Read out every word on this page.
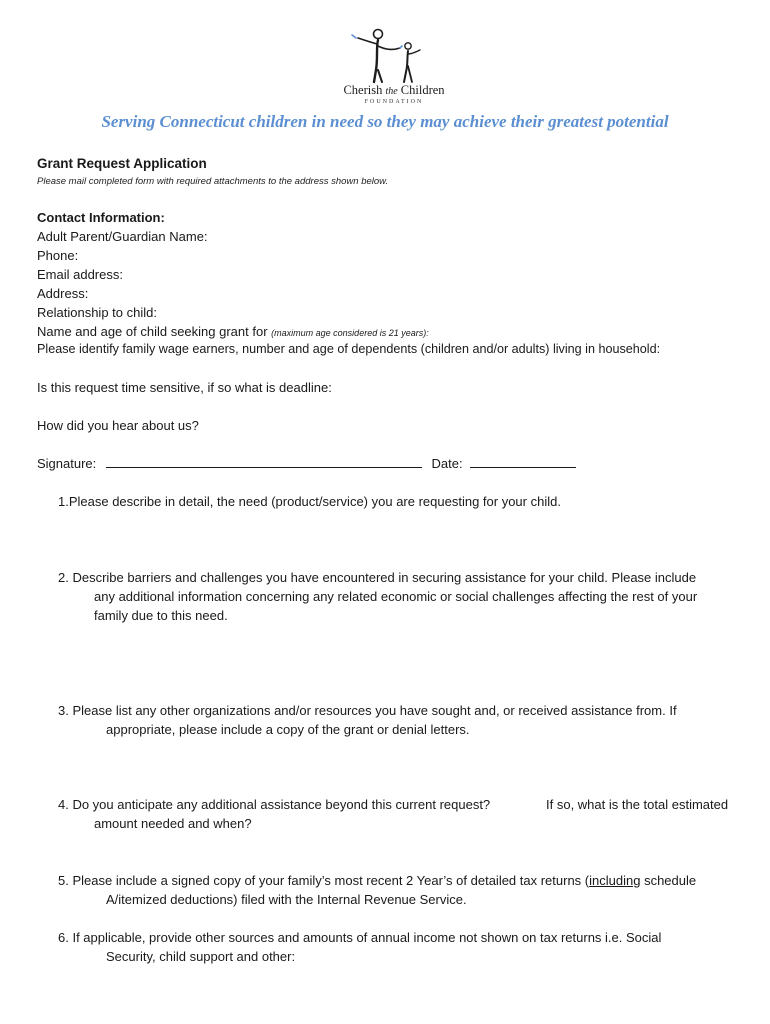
Cherish the Children
FOUNDATION
Serving Connecticut children in need so they may achieve their greatest potential
Grant Request Application
Please mail completed form with required attachments to the address shown below.
Contact Information:
Adult Parent/Guardian Name:
Phone:
Email address:
Address:
Relationship to child:
Name and age of child seeking grant for (maximum age considered is 21 years):
Please identify family wage earners, number and age of dependents (children and/or adults) living in household:
Is this request time sensitive, if so what is deadline:
How did you hear about us?
Signature:	Date:
1.Please describe in detail, the need (product/service) you are requesting for your child.
2. Describe barriers and challenges you have encountered in securing assistance for your child. Please include
any additional information concerning any related economic or social challenges affecting the rest of your
family due to this need.
3. Please list any other organizations and/or resources you have sought and, or received assistance from. If
appropriate, please include a copy of the grant or denial letters.
4. Do you anticipate any additional assistance beyond this current request?	If so, what is the total estimated
amount needed and when?
5. Please include a signed copy of your family’s most recent 2 Year’s of detailed tax returns (including schedule
A/itemized deductions) filed with the Internal Revenue Service.
6. If applicable, provide other sources and amounts of annual income not shown on tax returns i.e. Social
Security, child support and other:
